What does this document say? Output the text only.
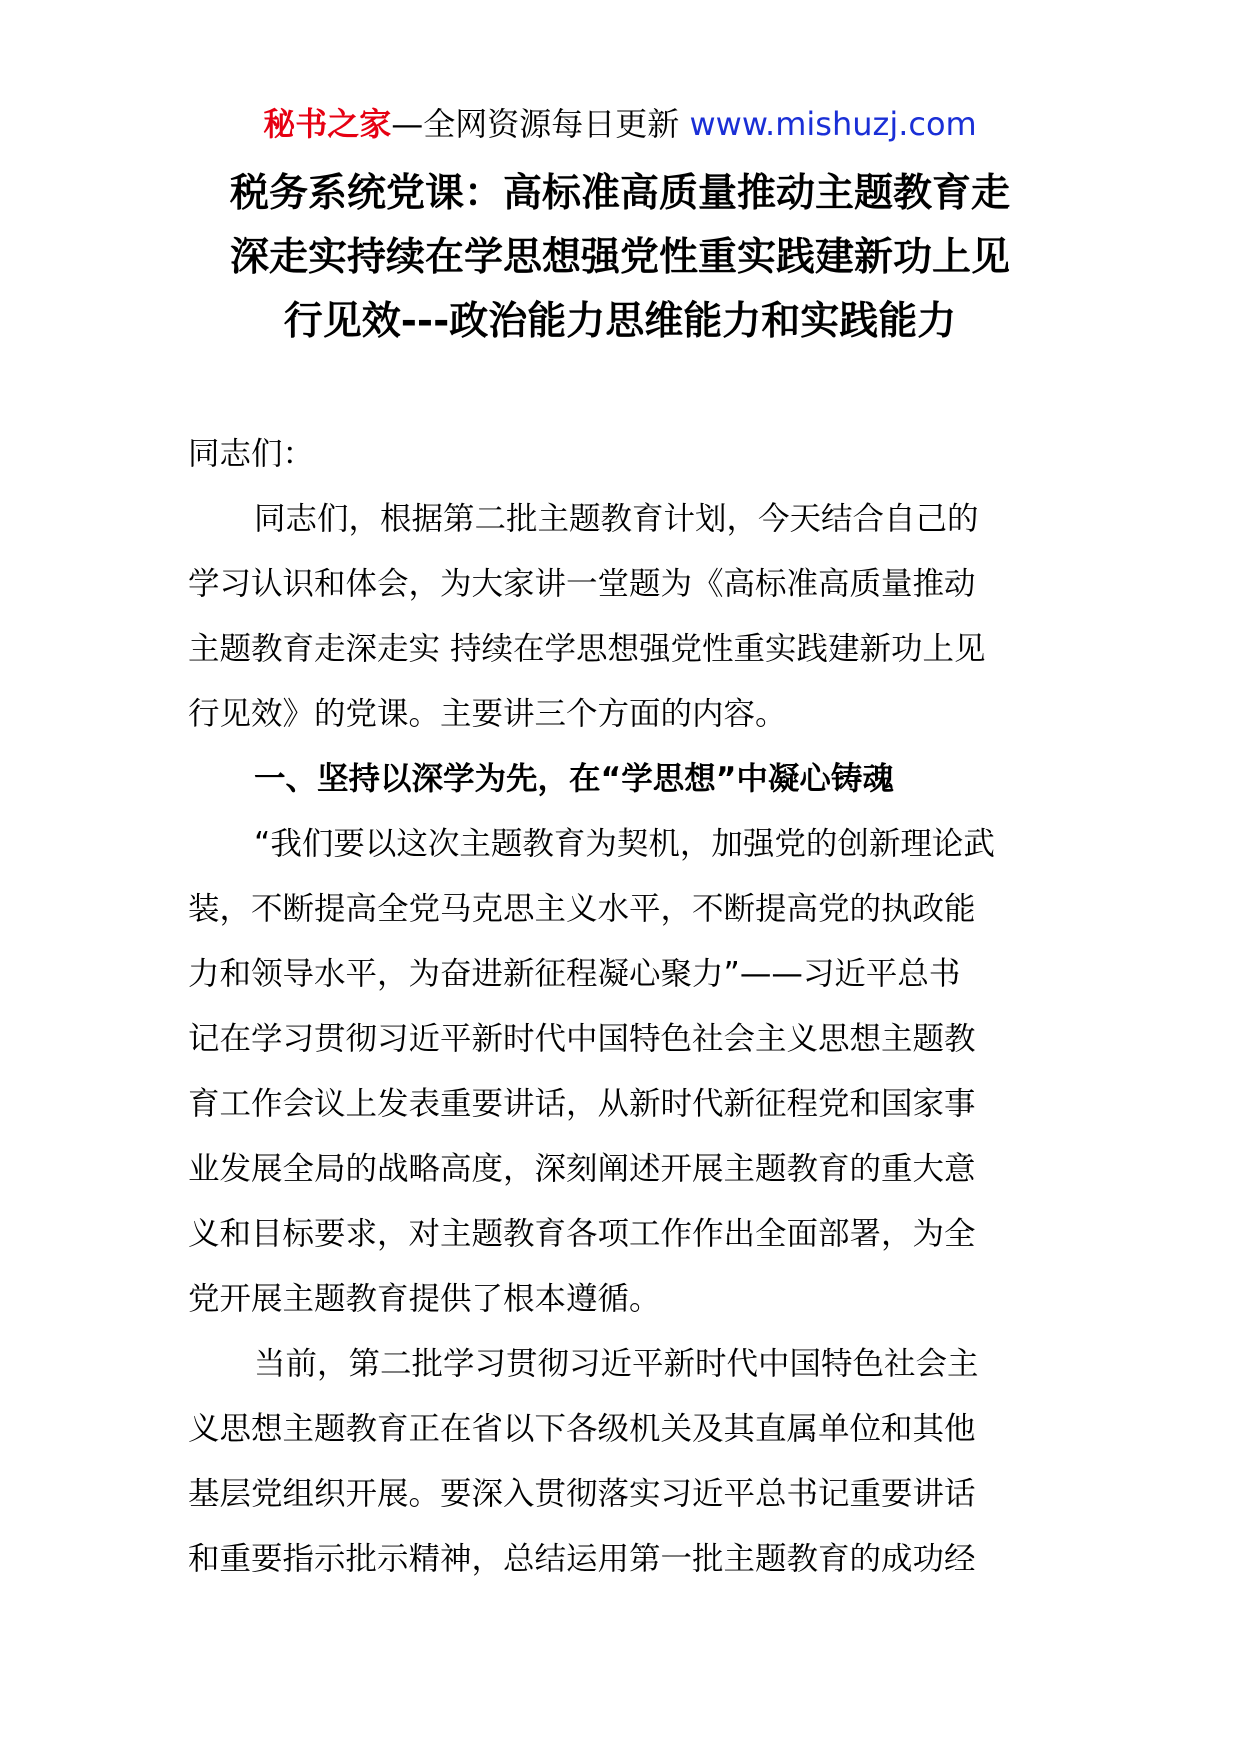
秘书之家—全网资源每日更新 www.mishuzj.com
税务系统党课：高标准高质量推动主题教育走
深走实持续在学思想强党性重实践建新功上见
行见效---政治能力思维能力和实践能力
同志们：
同志们，根据第二批主题教育计划，今天结合自己的
学习认识和体会，为大家讲一堂题为《高标准高质量推动
主题教育走深走实 持续在学思想强党性重实践建新功上见
行见效》的党课。主要讲三个方面的内容。
一、坚持以深学为先，在“学思想”中凝心铸魂
“我们要以这次主题教育为契机，加强党的创新理论武
装，不断提高全党马克思主义水平，不断提高党的执政能
力和领导水平，为奋进新征程凝心聚力”——习近平总书
记在学习贯彻习近平新时代中国特色社会主义思想主题教
育工作会议上发表重要讲话，从新时代新征程党和国家事
业发展全局的战略高度，深刻阐述开展主题教育的重大意
义和目标要求，对主题教育各项工作作出全面部署，为全
党开展主题教育提供了根本遵循。
当前，第二批学习贯彻习近平新时代中国特色社会主
义思想主题教育正在省以下各级机关及其直属单位和其他
基层党组织开展。要深入贯彻落实习近平总书记重要讲话
和重要指示批示精神，总结运用第一批主题教育的成功经
